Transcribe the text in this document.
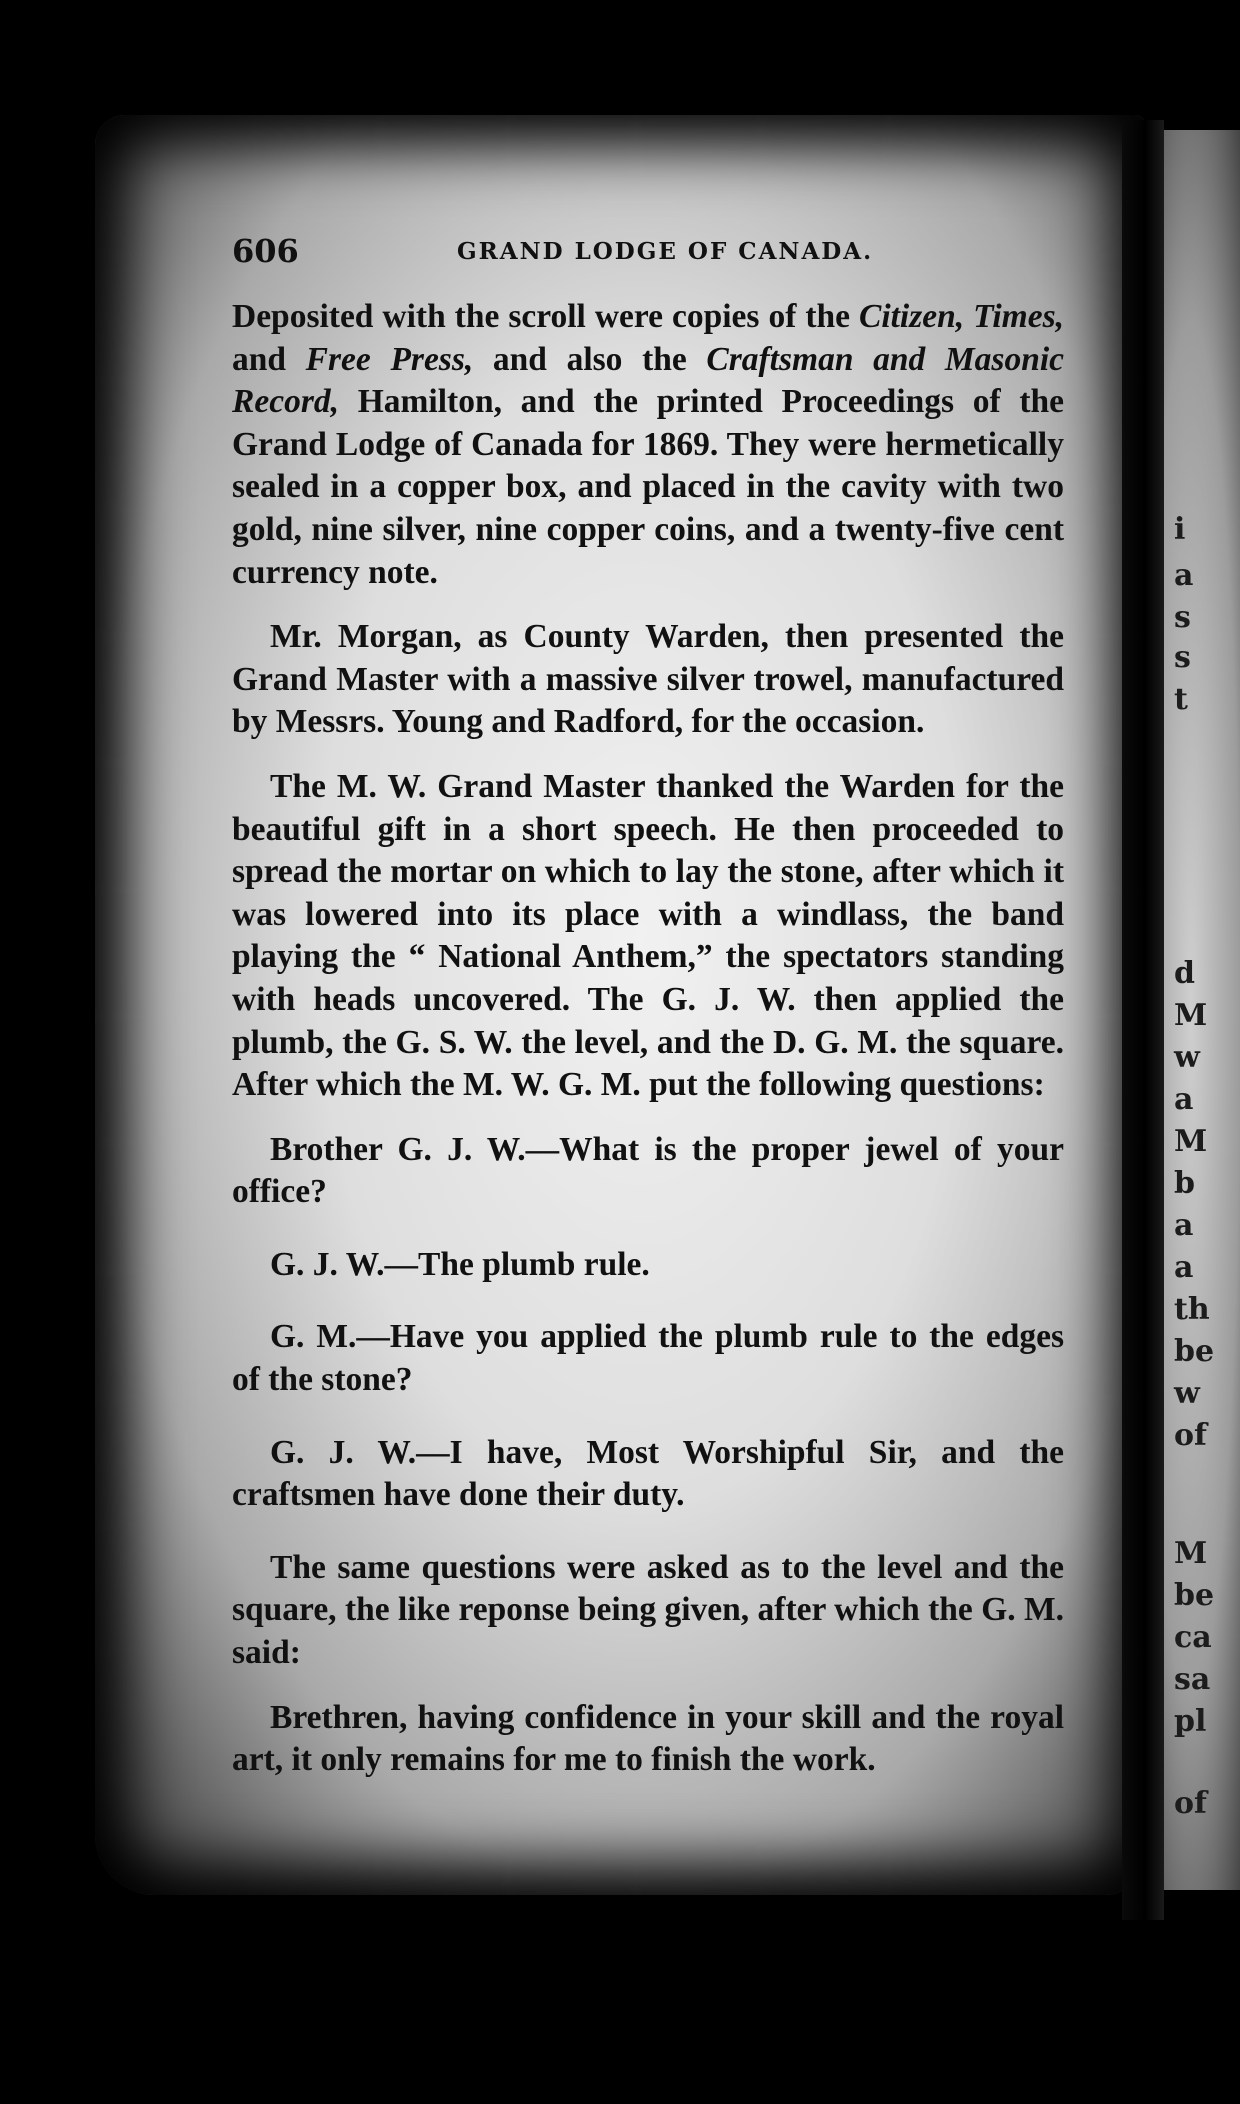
i
a
s
s
t
d
M
w
a
M
b
a
a
th
be
w
of
M
be
ca
sa
pl
of
606	GRAND LODGE OF CANADA.

Deposited with the scroll were copies of the Citizen, Times, and Free Press, and also the Craftsman and Masonic Record, Hamilton, and the printed Proceedings of the Grand Lodge of Canada for 1869. They were hermetically sealed in a copper box, and placed in the cavity with two gold, nine silver, nine copper coins, and a twenty-five cent currency note.

Mr. Morgan, as County Warden, then presented the Grand Master with a massive silver trowel, manufactured by Messrs. Young and Radford, for the occasion.

The M. W. Grand Master thanked the Warden for the beautiful gift in a short speech. He then proceeded to spread the mortar on which to lay the stone, after which it was lowered into its place with a windlass, the band playing the “ National Anthem,” the spectators standing with heads uncovered. The G. J. W. then applied the plumb, the G. S. W. the level, and the D. G. M. the square. After which the M. W. G. M. put the following questions:

Brother G. J. W.—What is the proper jewel of your office?

G. J. W.—The plumb rule.

G. M.—Have you applied the plumb rule to the edges of the stone?

G. J. W.—I have, Most Worshipful Sir, and the craftsmen have done their duty.

The same questions were asked as to the level and the square, the like reponse being given, after which the G. M. said:

Brethren, having confidence in your skill and the royal art, it only remains for me to finish the work.
